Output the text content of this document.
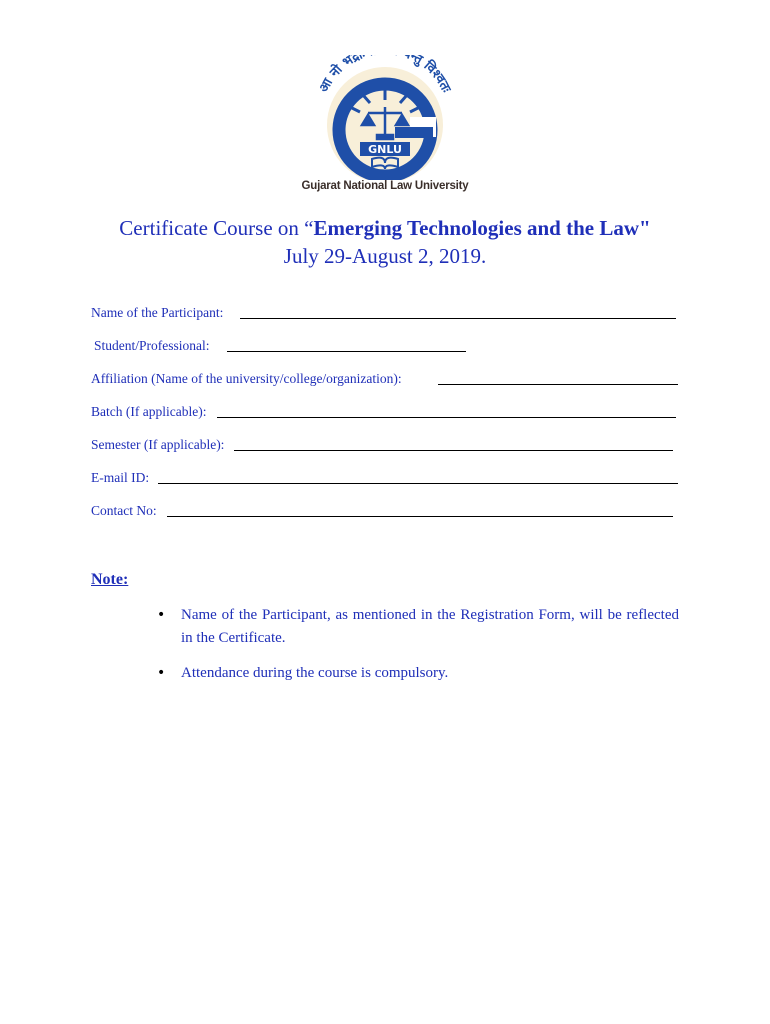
आ नो भद्राः न्तु विश्वतः
GNLU
Gujarat National Law University
Certificate Course on “Emerging Technologies and the Law"
July 29-August 2, 2019.
Name of the Participant:
Student/Professional:
Affiliation (Name of the university/college/organization):
Batch (If applicable):
Semester (If applicable):
E-mail ID:
Contact No:
Note:
• Name of the Participant, as mentioned in the Registration Form, will be reflected in the Certificate.
• Attendance during the course is compulsory.
